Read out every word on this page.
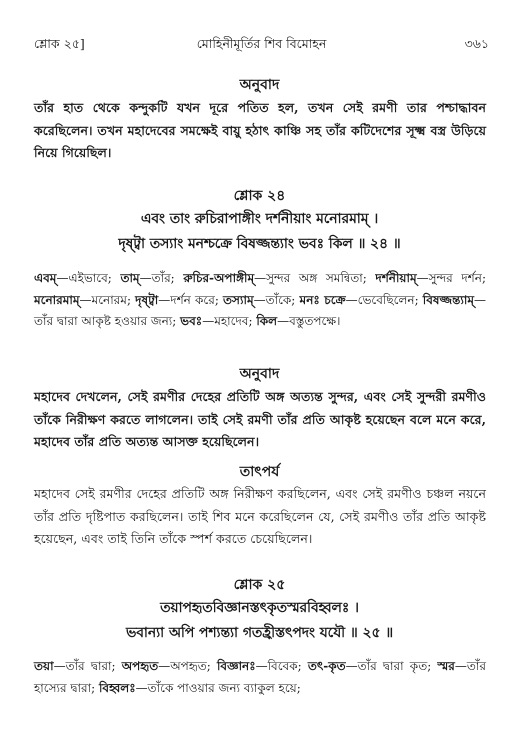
শ্লোক ২৫]	মোহিনীমূর্তির শিব বিমোহন	৩৬১
অনুবাদ
তাঁর হাত থেকে কন্দুকটি যখন দূরে পতিত হল, তখন সেই রমণী তার পশ্চাদ্ধাবন করেছিলেন। তখন মহাদেবের সমক্ষেই বায়ু হঠাৎ কাঞ্চি সহ তাঁর কটিদেশের সূক্ষ্ম বস্ত্র উড়িয়ে নিয়ে গিয়েছিল।
শ্লোক ২৪
এবং তাং রুচিরাপাঙ্গীং দর্শনীয়াং মনোরমাম্‌ ।
দৃষ্ট্বা তস্যাং মনশ্চক্রে বিষজ্জন্ত্যাং ভবঃ কিল ॥ ২৪ ॥
এবম্‌—এইভাবে; তাম্‌—তাঁর; রুচির-অপাঙ্গীম্‌—সুন্দর অঙ্গ সমন্বিতা; দর্শনীয়াম্‌—সুন্দর দর্শন; মনোরমাম্‌—মনোরম; দৃষ্ট্বা—দর্শন করে; তস্যাম্‌—তাঁকে; মনঃ চক্রে—ভেবেছিলেন; বিষজ্জন্ত্যাম্‌—তাঁর দ্বারা আকৃষ্ট হওয়ার জন্য; ভবঃ—মহাদেব; কিল—বস্তুতপক্ষে।
অনুবাদ
মহাদেব দেখলেন, সেই রমণীর দেহের প্রতিটি অঙ্গ অত্যন্ত সুন্দর, এবং সেই সুন্দরী রমণীও তাঁকে নিরীক্ষণ করতে লাগলেন। তাই সেই রমণী তাঁর প্রতি আকৃষ্ট হয়েছেন বলে মনে করে, মহাদেব তাঁর প্রতি অত্যন্ত আসক্ত হয়েছিলেন।
তাৎপর্য
মহাদেব সেই রমণীর দেহের প্রতিটি অঙ্গ নিরীক্ষণ করছিলেন, এবং সেই রমণীও চঞ্চল নয়নে তাঁর প্রতি দৃষ্টিপাত করছিলেন। তাই শিব মনে করেছিলেন যে, সেই রমণীও তাঁর প্রতি আকৃষ্ট হয়েছেন, এবং তাই তিনি তাঁকে স্পর্শ করতে চেয়েছিলেন।
শ্লোক ২৫
তয়াপহৃতবিজ্ঞানস্তৎকৃতস্মরবিহ্বলঃ ।
ভবান্যা অপি পশ্যন্ত্যা গতহ্রীস্তৎপদং যযৌ ॥ ২৫ ॥
তয়া—তাঁর দ্বারা; অপহৃত—অপহৃত; বিজ্ঞানঃ—বিবেক; তৎ-কৃত—তাঁর দ্বারা কৃত; স্মর—তাঁর হাস্যের দ্বারা; বিহ্বলঃ—তাঁকে পাওয়ার জন্য ব্যাকুল হয়ে;
